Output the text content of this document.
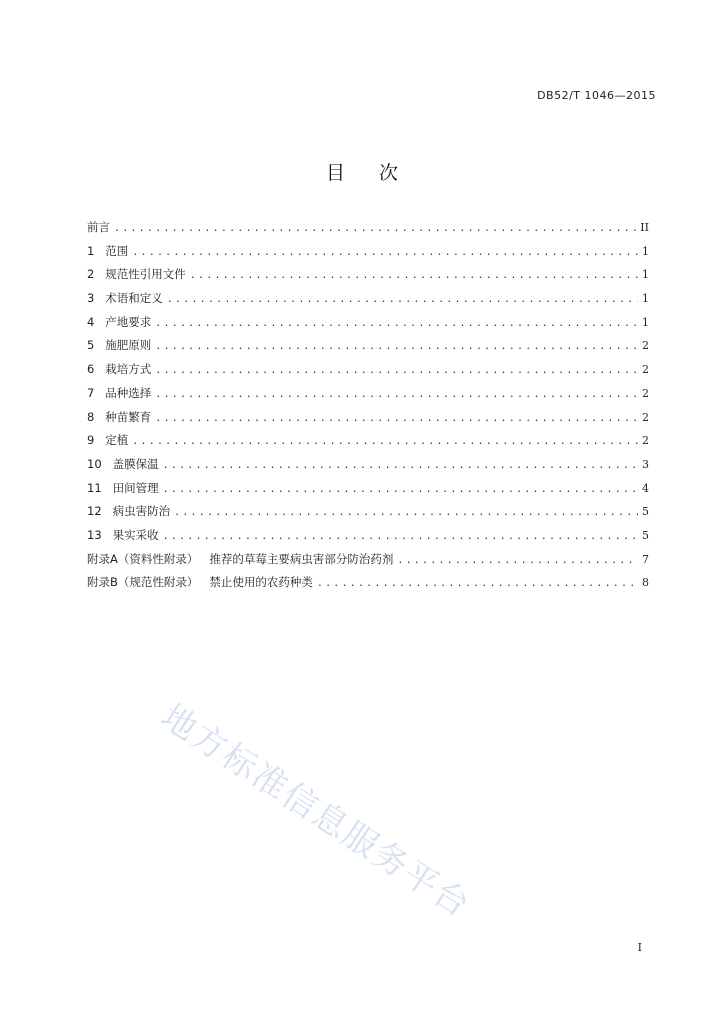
DB52/T 1046—2015
目 次
前言 .....	II
1   范围 .....	1
2   规范性引用文件 .....	1
3   术语和定义 .....	1
4   产地要求 .....	1
5   施肥原则 .....	2
6   栽培方式 .....	2
7   品种选择 .....	2
8   种苗繁育 .....	2
9   定植 .....	2
10   盖膜保温 .....	3
11   田间管理 .....	4
12   病虫害防治 .....	5
13   果实采收 .....	5
附录A（资料性附录）   推荐的草莓主要病虫害部分防治药剂 .....	7
附录B（规范性附录）   禁止使用的农药种类 .....	8
地方标准信息服务平台
I
